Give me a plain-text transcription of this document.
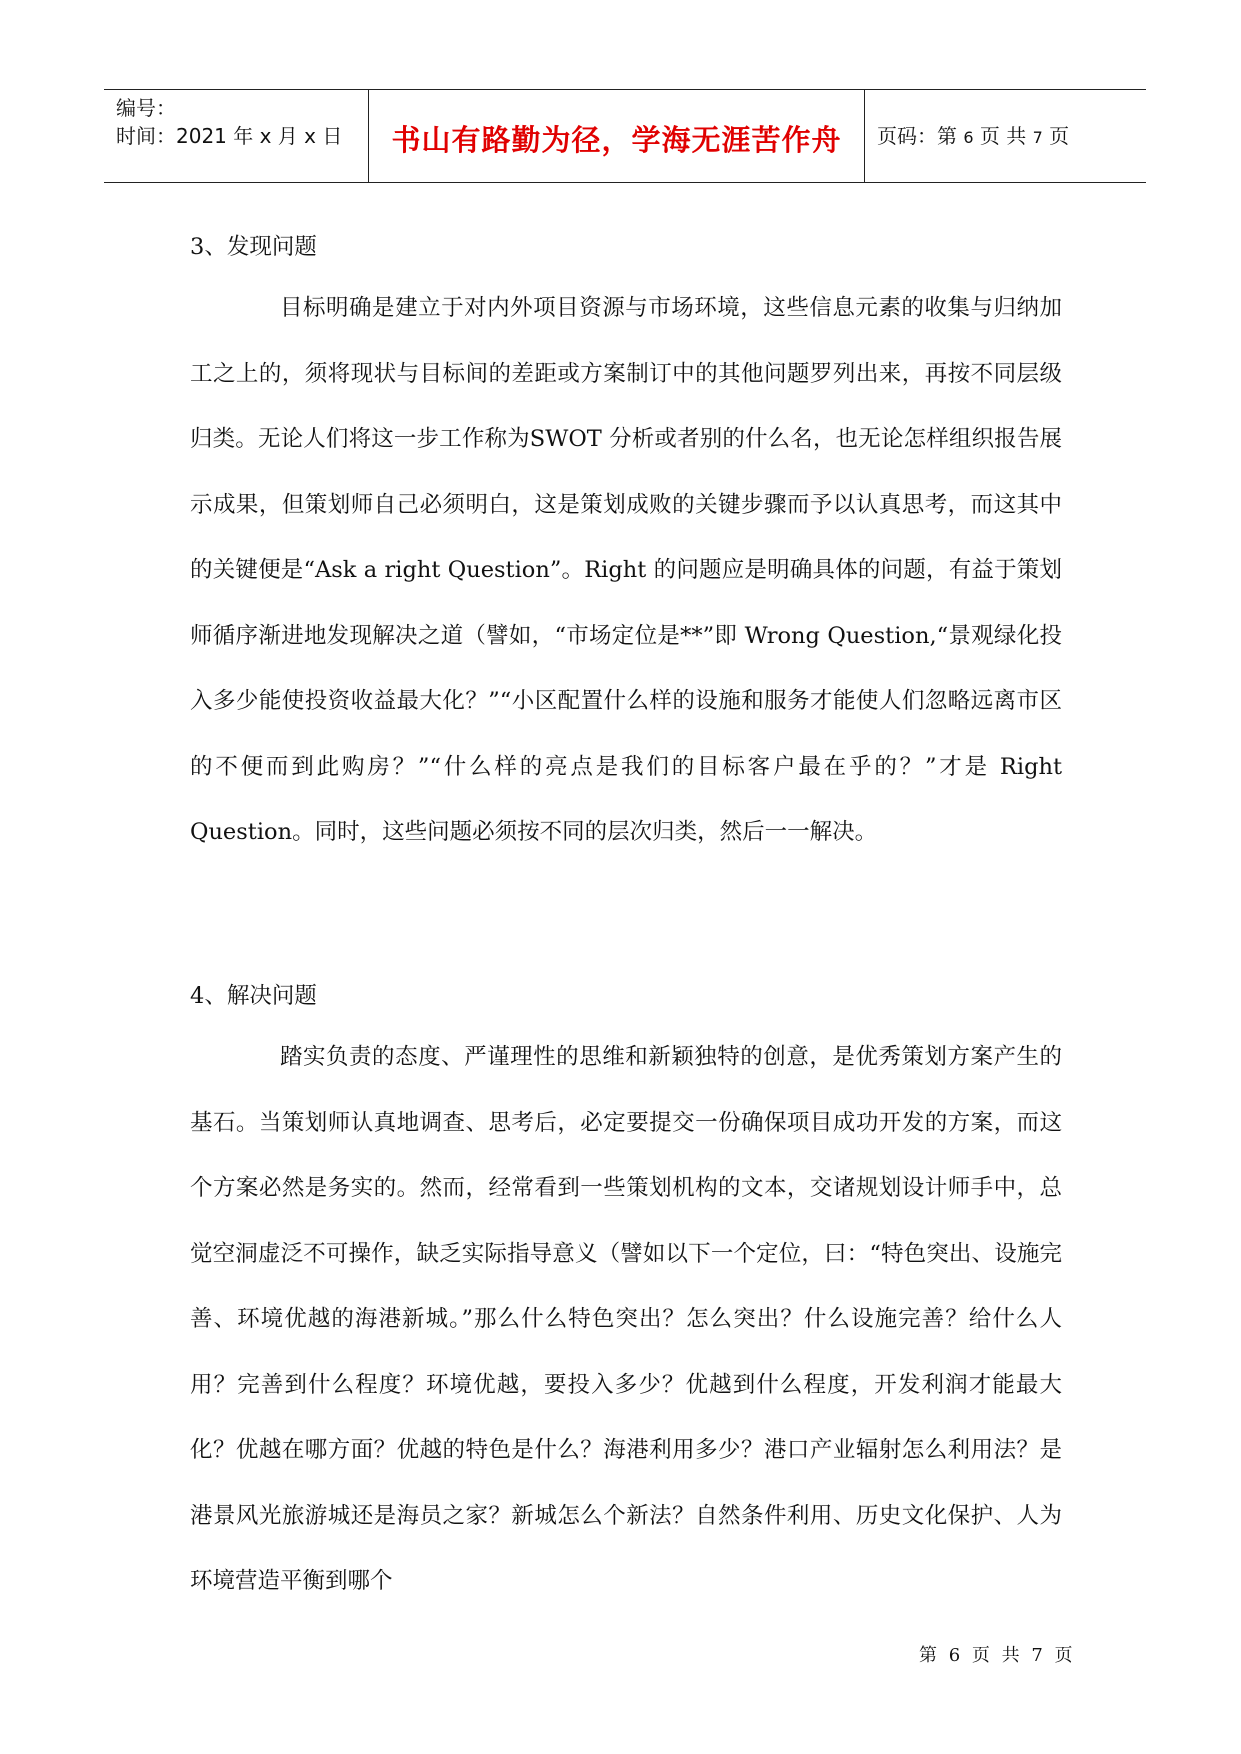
编号：
时间：2021 年 x 月 x 日	书山有路勤为径，学海无涯苦作舟	页码：第 6 页 共 7 页
3、发现问题

目标明确是建立于对内外项目资源与市场环境，这些信息元素的收集与归纳加工之上的，须将现状与目标间的差距或方案制订中的其他问题罗列出来，再按不同层级归类。无论人们将这一步工作称为SWOT 分析或者别的什么名，也无论怎样组织报告展示成果，但策划师自己必须明白，这是策划成败的关键步骤而予以认真思考，而这其中的关键便是“Ask a right Question”。Right 的问题应是明确具体的问题，有益于策划师循序渐进地发现解决之道（譬如，“市场定位是**”即 Wrong Question,“景观绿化投入多少能使投资收益最大化？”“小区配置什么样的设施和服务才能使人们忽略远离市区的不便而到此购房？”“什么样的亮点是我们的目标客户最在乎的？”才是 Right Question。同时，这些问题必须按不同的层次归类，然后一一解决。

4、解决问题

踏实负责的态度、严谨理性的思维和新颖独特的创意，是优秀策划方案产生的基石。当策划师认真地调查、思考后，必定要提交一份确保项目成功开发的方案，而这个方案必然是务实的。然而，经常看到一些策划机构的文本，交诸规划设计师手中，总觉空洞虚泛不可操作，缺乏实际指导意义（譬如以下一个定位，曰：“特色突出、设施完善、环境优越的海港新城。”那么什么特色突出？怎么突出？什么设施完善？给什么人用？完善到什么程度？环境优越，要投入多少？优越到什么程度，开发利润才能最大化？优越在哪方面？优越的特色是什么？海港利用多少？港口产业辐射怎么利用法？是港景风光旅游城还是海员之家？新城怎么个新法？自然条件利用、历史文化保护、人为环境营造平衡到哪个

第 6 页 共 7 页
